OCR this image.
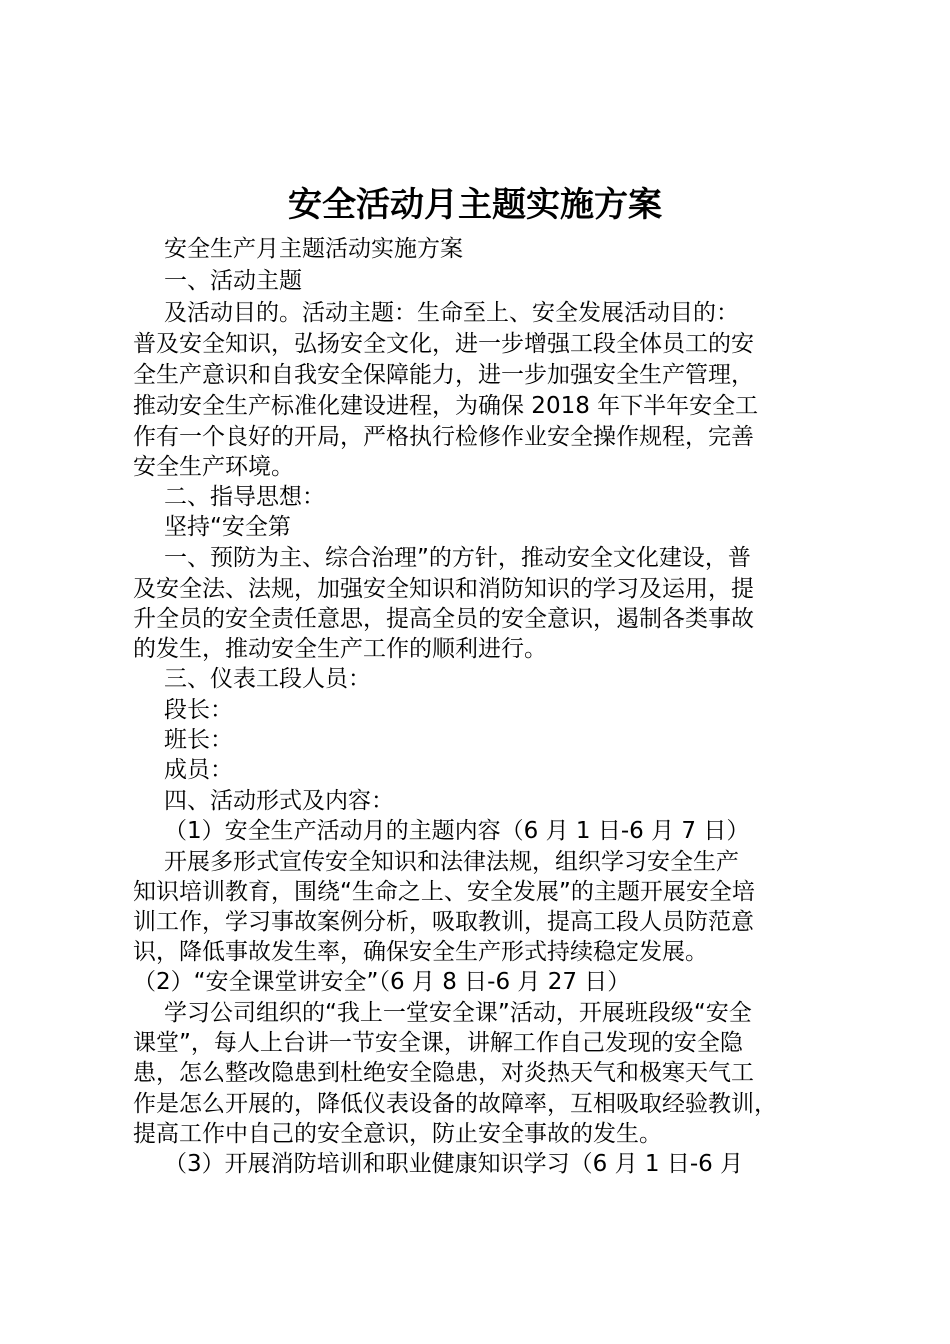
安全活动月主题实施方案
安全生产月主题活动实施方案
一、活动主题
及活动目的。活动主题：生命至上、安全发展活动目的：
普及安全知识，弘扬安全文化，进一步增强工段全体员工的安
全生产意识和自我安全保障能力，进一步加强安全生产管理，
推动安全生产标准化建设进程，为确保 2018 年下半年安全工
作有一个良好的开局，严格执行检修作业安全操作规程，完善
安全生产环境。
二、指导思想：
坚持“安全第
一、预防为主、综合治理”的方针，推动安全文化建设，普
及安全法、法规，加强安全知识和消防知识的学习及运用，提
升全员的安全责任意思，提高全员的安全意识，遏制各类事故
的发生，推动安全生产工作的顺利进行。
三、仪表工段人员：
段长：
班长：
成员：
四、活动形式及内容：
（1）安全生产活动月的主题内容（6 月 1 日-6 月 7 日）
开展多形式宣传安全知识和法律法规，组织学习安全生产
知识培训教育，围绕“生命之上、安全发展”的主题开展安全培
训工作，学习事故案例分析，吸取教训，提高工段人员防范意
识，降低事故发生率，确保安全生产形式持续稳定发展。
（2）“安全课堂讲安全”（6 月 8 日-6 月 27 日）
学习公司组织的“我上一堂安全课”活动，开展班段级“安全
课堂”，每人上台讲一节安全课，讲解工作自己发现的安全隐
患，怎么整改隐患到杜绝安全隐患，对炎热天气和极寒天气工
作是怎么开展的，降低仪表设备的故障率，互相吸取经验教训，
提高工作中自己的安全意识，防止安全事故的发生。
（3）开展消防培训和职业健康知识学习（6 月 1 日-6 月
